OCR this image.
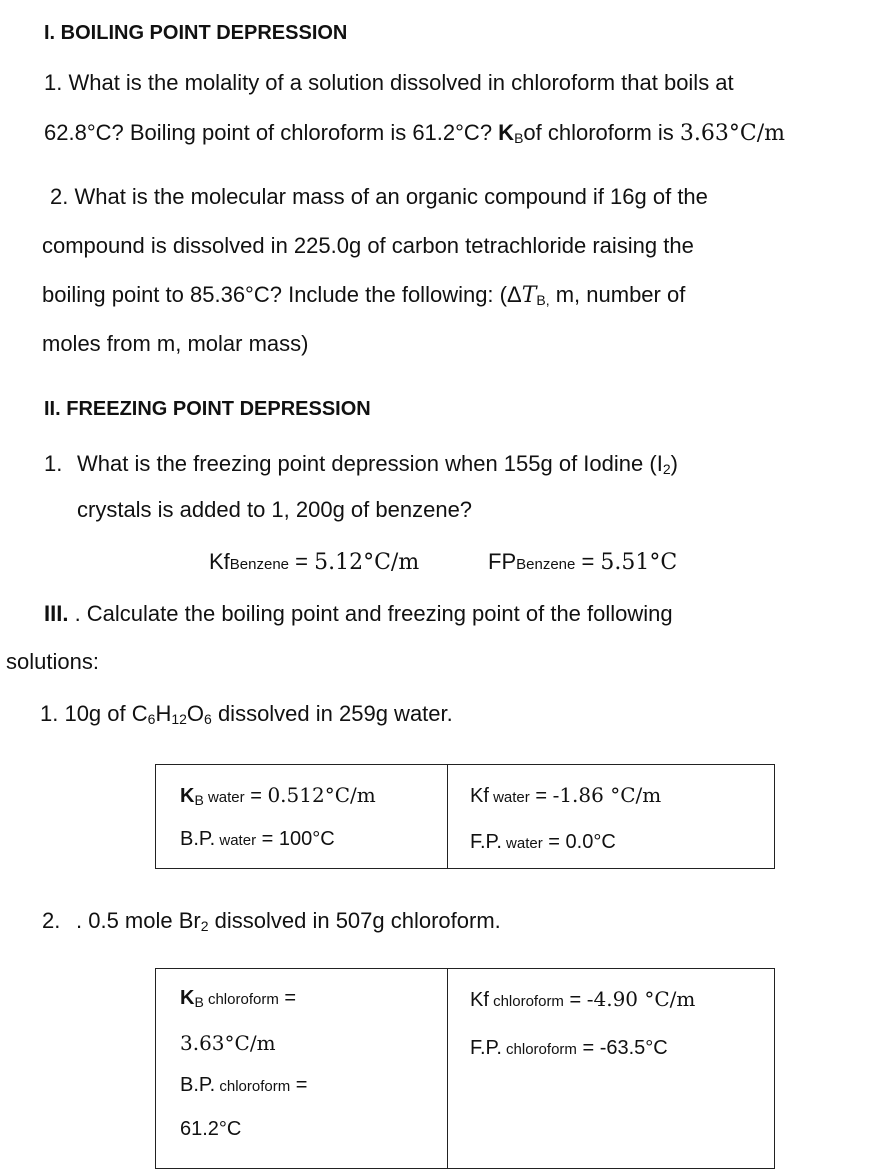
I. BOILING POINT DEPRESSION
1. What is the molality of a solution dissolved in chloroform that boils at
62.8°C? Boiling point of chloroform is 61.2°C? $K_Bof$ chloroform is 3.63°C/m
2. What is the molecular mass of an organic compound if 16g of the
compound is dissolved in 225.0g of carbon tetrachloride raising the
boiling point to 85.36°C? Include the following: ($\Delta T_{B,}$ m, number of
moles from m, molar mass)
II. FREEZING POINT DEPRESSION
1. What is the freezing point depression when 155g of Iodine $(I_2)$
crystals is added to 1, 200g of benzene?
KfBenzene = 5.12°C/m	FPBenzene = 5.51°C
III. . Calculate the boiling point and freezing point of the following
solutions:
1. 10g of $C_6H_{12}O_6$ dissolved in 259g water.
$K_B$ water = 0.512°C/m
B.P. water = 100°C

Kf water = -1.86 °C/m
F.P. water = 0.0°C
2. . 0.5 mole $Br_2$ dissolved in 507g chloroform.
$K_B$ chloroform =
3.63°C/m
B.P. chloroform =
61.2°C

Kf chloroform = -4.90 °C/m
F.P. chloroform = -63.5°C
